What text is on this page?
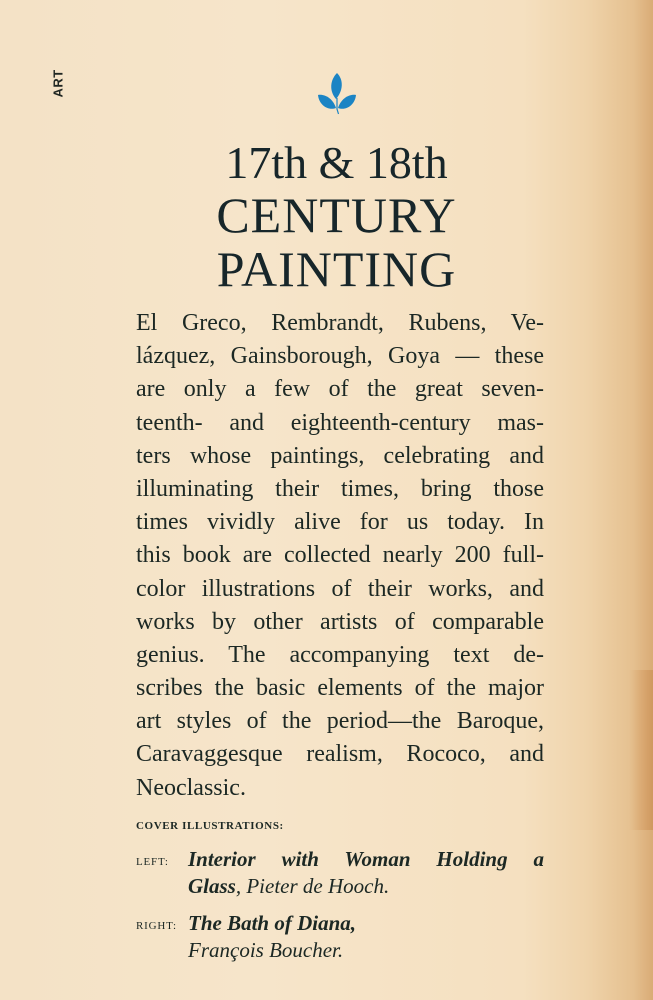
ART
17th & 18th
CENTURY
PAINTING
El Greco, Rembrandt, Rubens, Ve-
lázquez, Gainsborough, Goya — these
are only a few of the great seven-
teenth- and eighteenth-century mas-
ters whose paintings, celebrating and
illuminating their times, bring those
times vividly alive for us today. In
this book are collected nearly 200 full-
color illustrations of their works, and
works by other artists of comparable
genius. The accompanying text de-
scribes the basic elements of the major
art styles of the period—the Baroque,
Caravaggesque realism, Rococo, and
Neoclassic.
COVER ILLUSTRATIONS:
LEFT: Interior with Woman Holding a
Glass, Pieter de Hooch.
RIGHT: The Bath of Diana,
François Boucher.
